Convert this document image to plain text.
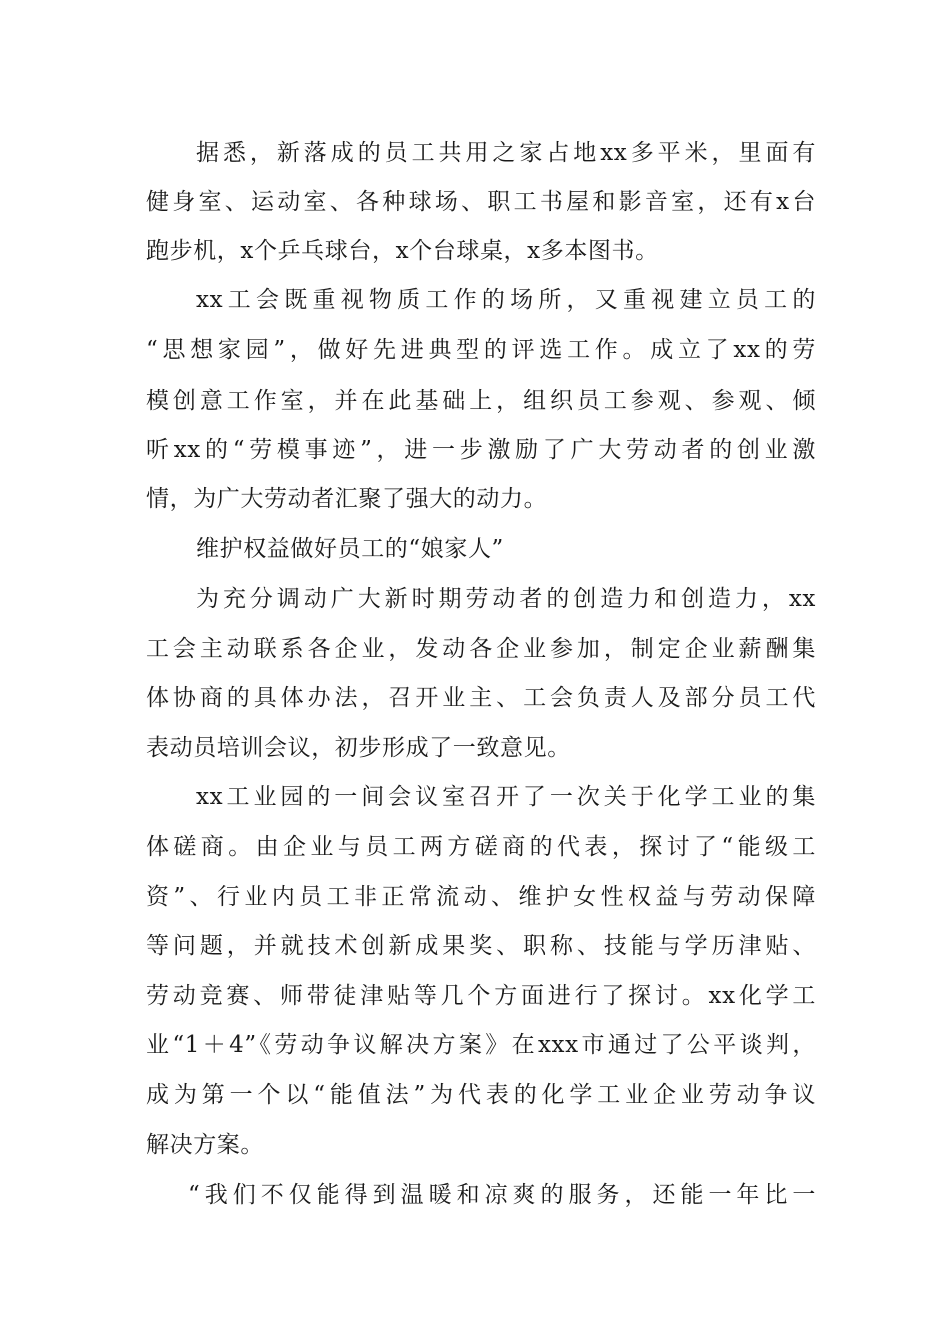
据悉，新落成的员工共用之家占地xx多平米，里面有

健身室、运动室、各种球场、职工书屋和影音室，还有x台

跑步机，x个乒乓球台，x个台球桌，x多本图书。

xx工会既重视物质工作的场所，又重视建立员工的

“思想家园”，做好先进典型的评选工作。成立了xx的劳

模创意工作室，并在此基础上，组织员工参观、参观、倾

听xx的“劳模事迹”，进一步激励了广大劳动者的创业激

情，为广大劳动者汇聚了强大的动力。

维护权益做好员工的“娘家人”

为充分调动广大新时期劳动者的创造力和创造力，xx

工会主动联系各企业，发动各企业参加，制定企业薪酬集

体协商的具体办法，召开业主、工会负责人及部分员工代

表动员培训会议，初步形成了一致意见。

xx工业园的一间会议室召开了一次关于化学工业的集

体磋商。由企业与员工两方磋商的代表，探讨了“能级工

资”、行业内员工非正常流动、维护女性权益与劳动保障

等问题，并就技术创新成果奖、职称、技能与学历津贴、

劳动竞赛、师带徒津贴等几个方面进行了探讨。xx化学工

业“1＋4”《劳动争议解决方案》在xxx市通过了公平谈判，

成为第一个以“能值法”为代表的化学工业企业劳动争议

解决方案。

“我们不仅能得到温暖和凉爽的服务，还能一年比一
